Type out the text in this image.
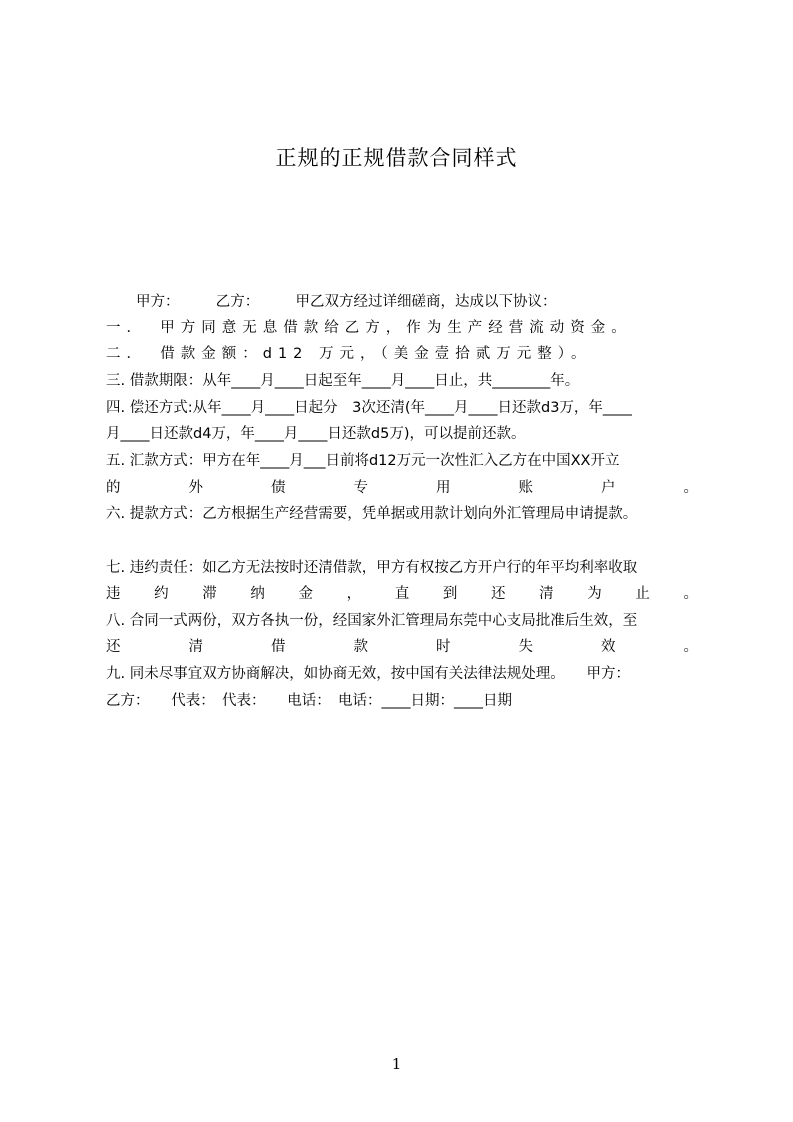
正规的正规借款合同样式
甲方：　　　乙方：　　　甲乙双方经过详细磋商，达成以下协议：
一．　甲方同意无息借款给乙方，作为生产经营流动资金。
二．　借款金额：d12 万元，（美金壹拾贰万元整）。
三. 借款期限：从年____月____日起至年____月____日止，共________年。
四. 偿还方式:从年____月____日起分　3次还清(年____月____日还款d3万，年____
月____日还款d4万，年____月____日还款d5万)，可以提前还款。
五. 汇款方式：甲方在年____月___日前将d12万元一次性汇入乙方在中国XX开立
的	外	债	专	用	账	户	。
六. 提款方式：乙方根据生产经营需要，凭单据或用款计划向外汇管理局申请提款。
七. 违约责任：如乙方无法按时还清借款，甲方有权按乙方开户行的年平均利率收取
违 约 滞 纳 金 ， 直 到 还 清 为 止 。
八. 合同一式两份，双方各执一份，经国家外汇管理局东莞中心支局批准后生效，至
还	清	借	款	时	失	效	。
九. 同未尽事宜双方协商解决，如协商无效，按中国有关法律法规处理。　　甲方：
乙方：　　代表：　代表：　　电话：　电话：____日期：____日期
1
